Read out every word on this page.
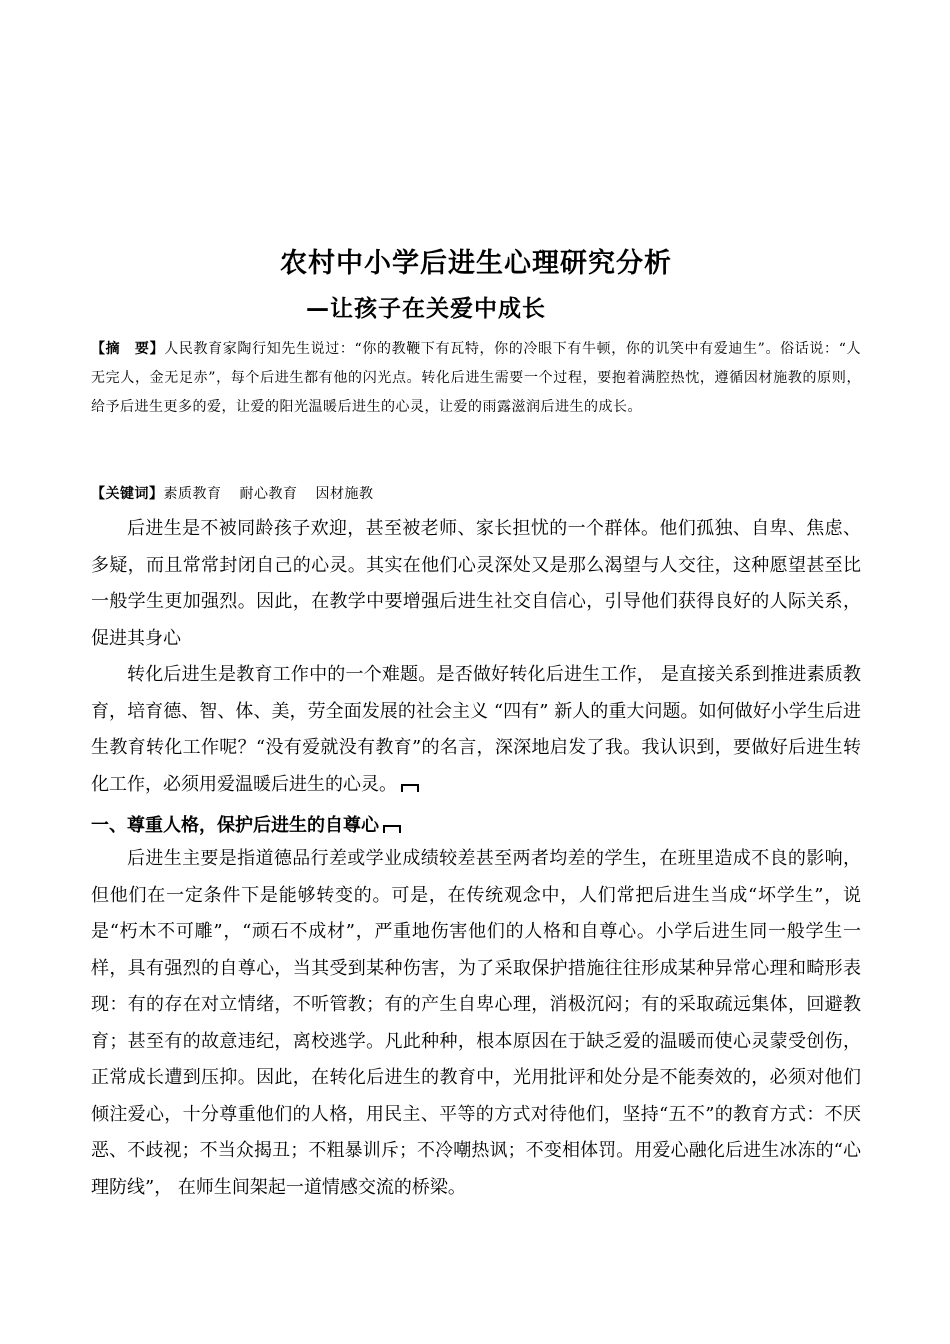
农村中小学后进生心理研究分析
—让孩子在关爱中成长
【摘　要】人民教育家陶行知先生说过：“你的教鞭下有瓦特，你的冷眼下有牛顿，你的讥笑中有爱迪生”。俗话说：“人无完人，金无足赤”，每个后进生都有他的闪光点。转化后进生需要一个过程，要抱着满腔热忱，遵循因材施教的原则，给予后进生更多的爱，让爱的阳光温暖后进生的心灵，让爱的雨露滋润后进生的成长。
【关键词】素质教育 耐心教育 因材施教

后进生是不被同龄孩子欢迎，甚至被老师、家长担忧的一个群体。他们孤独、自卑、焦虑、多疑，而且常常封闭自己的心灵。其实在他们心灵深处又是那么渴望与人交往，这种愿望甚至比一般学生更加强烈。因此，在教学中要增强后进生社交自信心，引导他们获得良好的人际关系，促进其身心

转化后进生是教育工作中的一个难题。是否做好转化后进生工作， 是直接关系到推进素质教育，培育德、智、体、美，劳全面发展的社会主义 “四有” 新人的重大问题。如何做好小学生后进生教育转化工作呢？“没有爱就没有教育”的名言，深深地启发了我。我认识到，要做好后进生转化工作，必须用爱温暖后进生的心灵。

一、尊重人格，保护后进生的自尊心

后进生主要是指道德品行差或学业成绩较差甚至两者均差的学生，在班里造成不良的影响，但他们在一定条件下是能够转变的。可是，在传统观念中，人们常把后进生当成“坏学生”，说是“朽木不可雕”，“顽石不成材”，严重地伤害他们的人格和自尊心。小学后进生同一般学生一样，具有强烈的自尊心，当其受到某种伤害，为了采取保护措施往往形成某种异常心理和畸形表现：有的存在对立情绪，不听管教；有的产生自卑心理，消极沉闷；有的采取疏远集体，回避教育；甚至有的故意违纪，离校逃学。凡此种种，根本原因在于缺乏爱的温暖而使心灵蒙受创伤，正常成长遭到压抑。因此，在转化后进生的教育中，光用批评和处分是不能奏效的，必须对他们倾注爱心，十分尊重他们的人格，用民主、平等的方式对待他们，坚持“五不”的教育方式：不厌恶、不歧视；不当众揭丑；不粗暴训斥；不冷嘲热讽；不变相体罚。用爱心融化后进生冰冻的“心理防线”， 在师生间架起一道情感交流的桥梁。
